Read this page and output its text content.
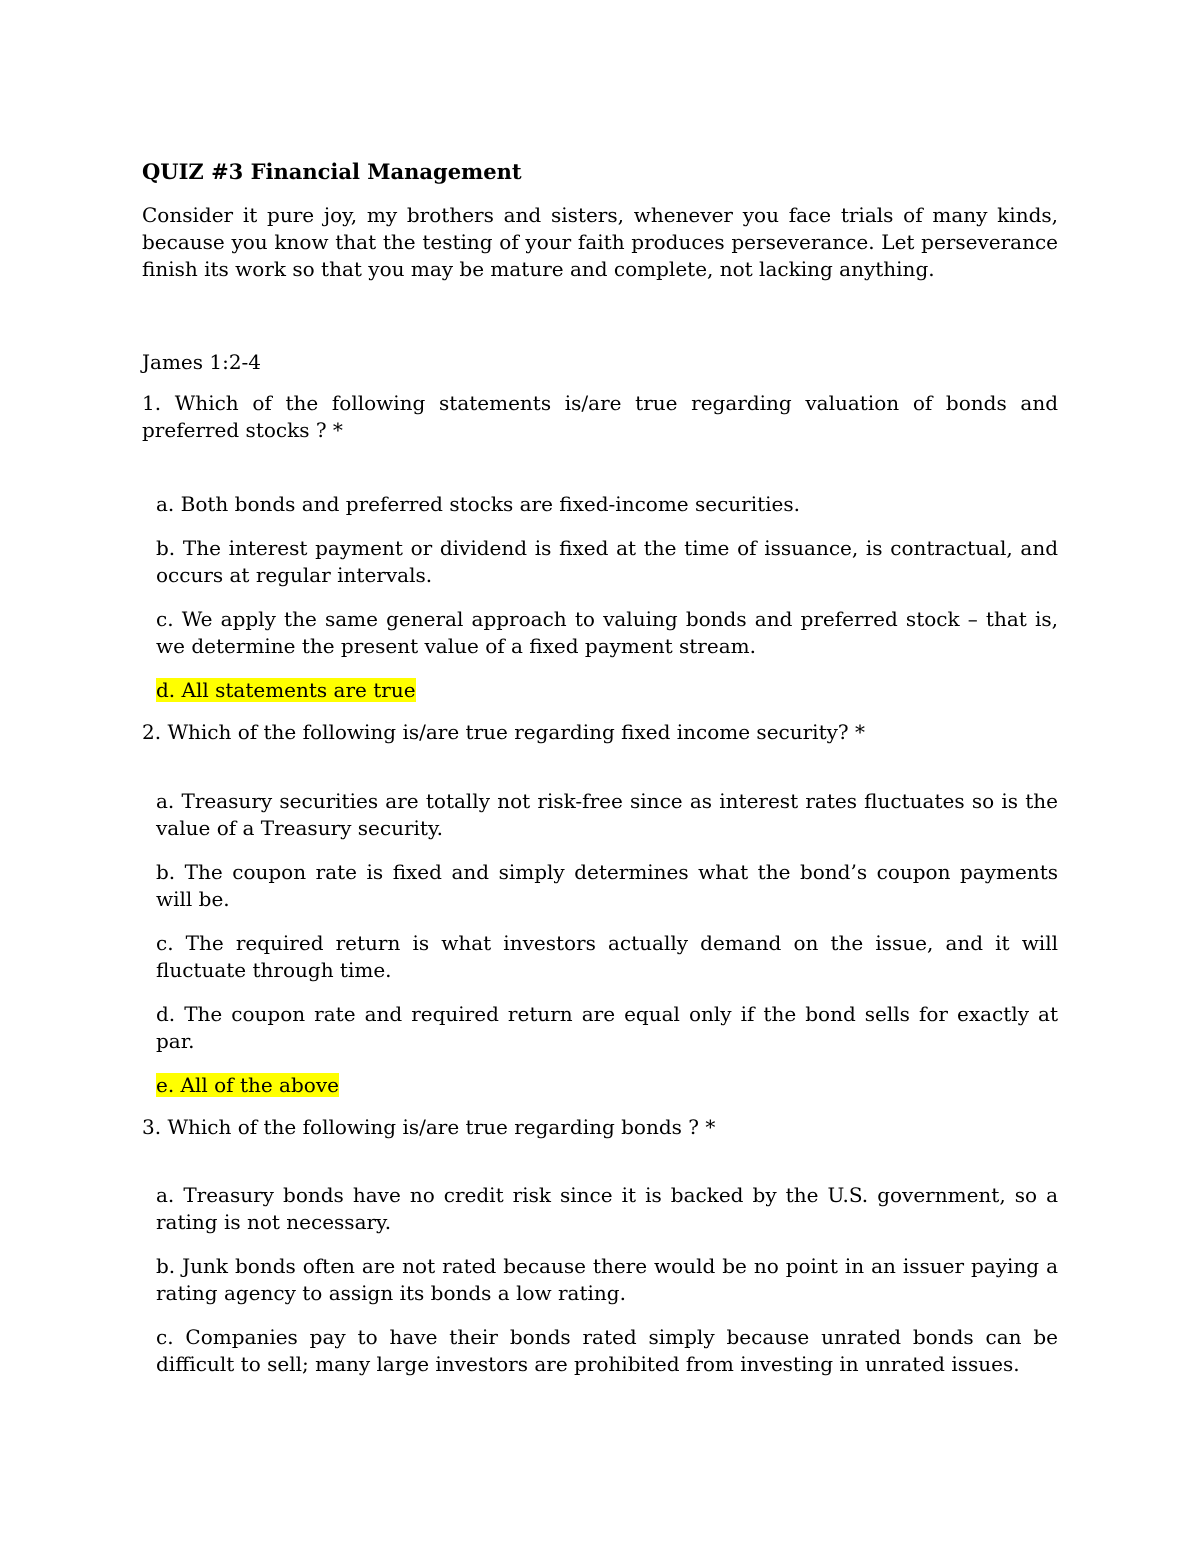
QUIZ #3 Financial Management

Consider it pure joy, my brothers and sisters, whenever you face trials of many kinds, because you know that the testing of your faith produces perseverance. Let perseverance finish its work so that you may be mature and complete, not lacking anything.

James 1:2-4

1. Which of the following statements is/are true regarding valuation of bonds and preferred stocks ? *

a. Both bonds and preferred stocks are fixed-income securities.
b. The interest payment or dividend is fixed at the time of issuance, is contractual, and occurs at regular intervals.
c. We apply the same general approach to valuing bonds and preferred stock – that is, we determine the present value of a fixed payment stream.
d. All statements are true

2. Which of the following is/are true regarding fixed income security? *

a. Treasury securities are totally not risk-free since as interest rates fluctuates so is the value of a Treasury security.
b. The coupon rate is fixed and simply determines what the bond’s coupon payments will be.
c. The required return is what investors actually demand on the issue, and it will fluctuate through time.
d. The coupon rate and required return are equal only if the bond sells for exactly at par.
e. All of the above

3. Which of the following is/are true regarding bonds ? *

a. Treasury bonds have no credit risk since it is backed by the U.S. government, so a rating is not necessary.
b. Junk bonds often are not rated because there would be no point in an issuer paying a rating agency to assign its bonds a low rating.
c. Companies pay to have their bonds rated simply because unrated bonds can be difficult to sell; many large investors are prohibited from investing in unrated issues.
